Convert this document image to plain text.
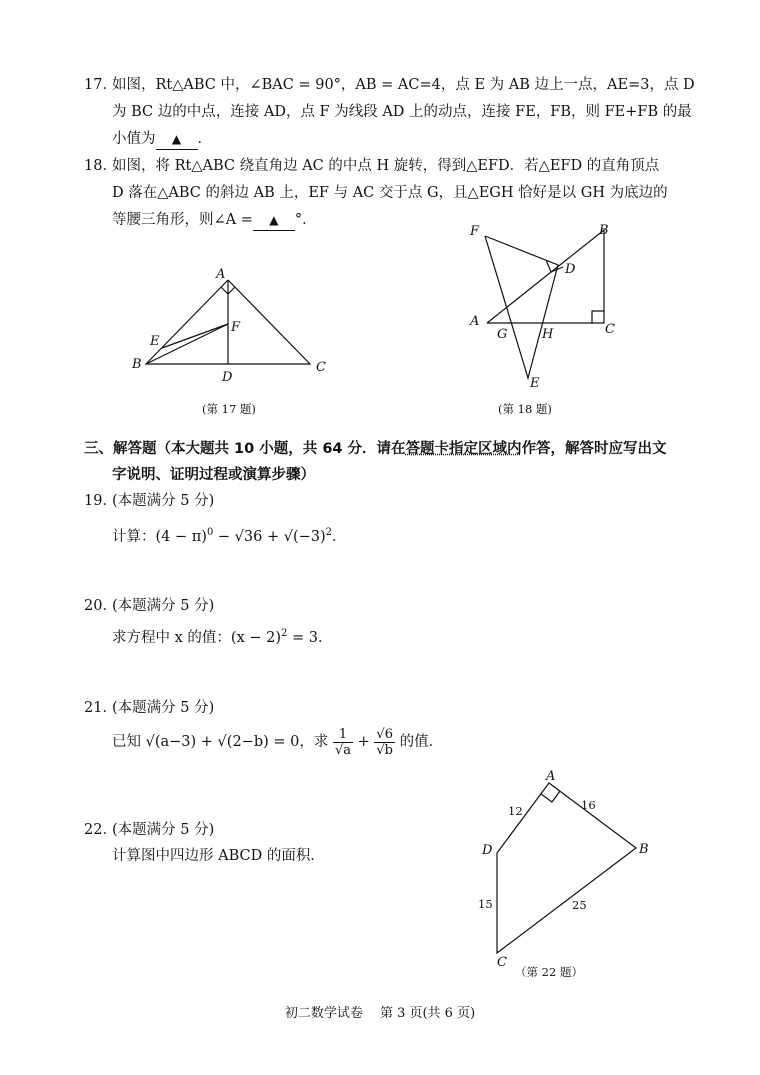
17．
如图，Rt△ABC 中，∠BAC = 90°，AB = AC=4，点 E 为 AB 边上一点，AE=3，点 D
为 BC 边的中点，连接 AD，点 F 为线段 AD 上的动点，连接 FE，FB，则 FE+FB 的最
小值为 ▲ ．
18．
如图，将 Rt△ABC 绕直角边 AC 的中点 H 旋转，得到△EFD．若△EFD 的直角顶点
D 落在△ABC 的斜边 AB 上，EF 与 AC 交于点 G，且△EGH 恰好是以 GH 为底边的
等腰三角形，则∠A = ▲ °．
A
B	C
D
E
F
(第 17 题)
A
B
C
D
E
F
G	H
(第 18 题)
三、解答题（本大题共 10 小题，共 64 分．请在答题卡指定区域内作答，解答时应写出文
字说明、证明过程或演算步骤）
19．
(本题满分 5 分)
计算：$(4 - \pi)^0 - √36 + √(-3)^2$．
20．
(本题满分 5 分)
求方程中 x 的值：$(x - 2)^2 = 3$．
21．
(本题满分 5 分)
已知 √(a−3) + √(2−b) = 0，求 $\frac{1}{√a} + \frac{√6}{√b}$ 的值．
22．
(本题满分 5 分)
计算图中四边形 ABCD 的面积．
A
B
C
D
12	16
15	25
（第 22 题）
初二数学试卷　 第 3 页(共 6 页)
